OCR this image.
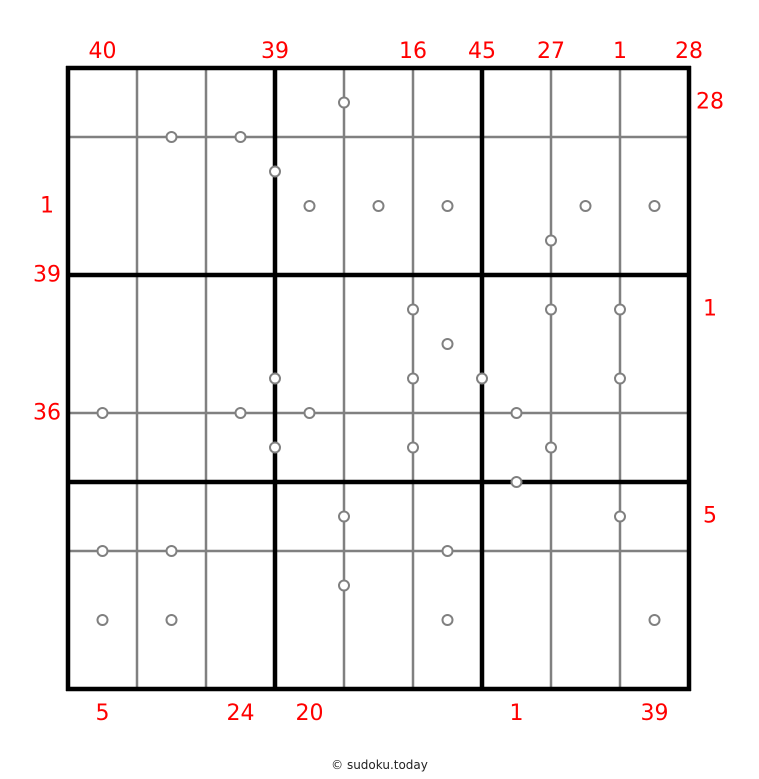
40	39	16 45 27 1 28
5	24 20	1	39
1
39
36
28
1
5
© sudoku.today
